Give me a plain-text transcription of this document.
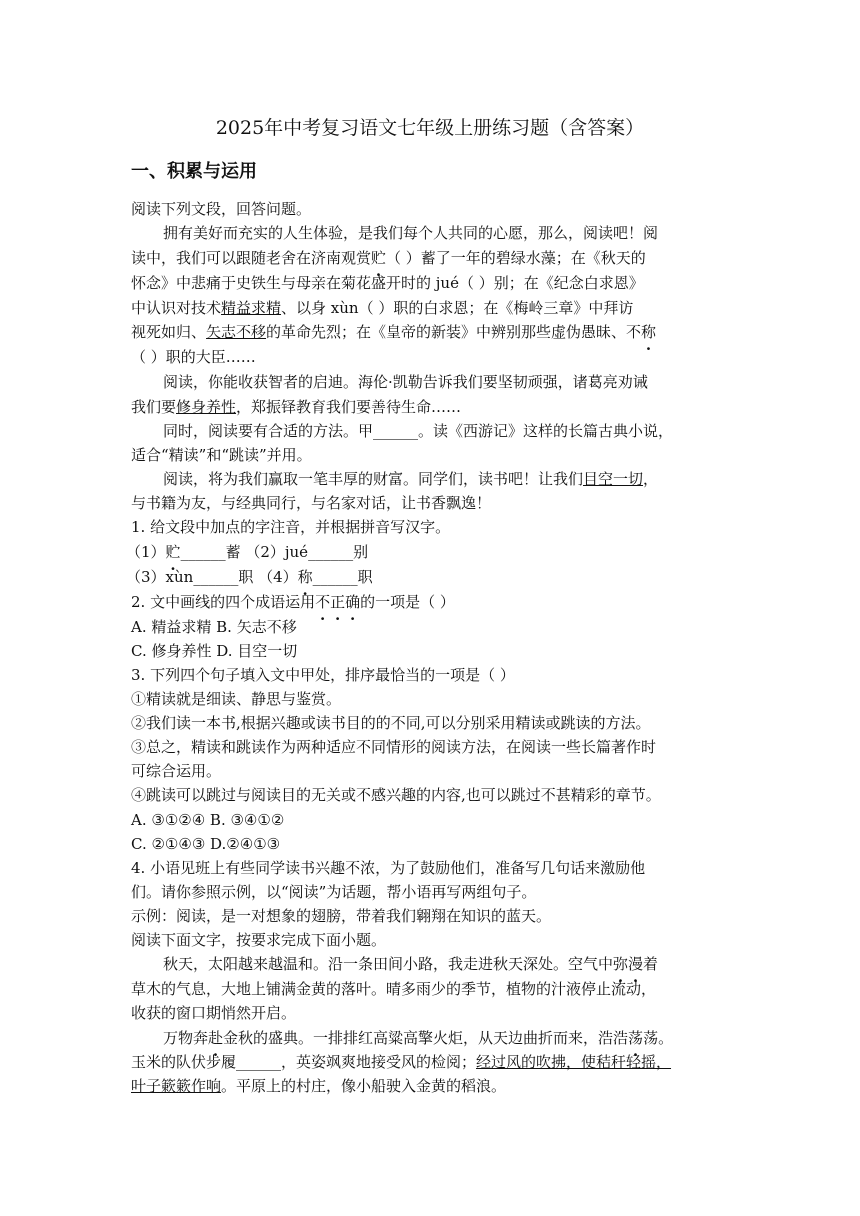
2025年中考复习语文七年级上册练习题（含答案）
一、积累与运用
阅读下列文段，回答问题。
拥有美好而充实的人生体验，是我们每个人共同的心愿，那么，阅读吧！阅
读中，我们可以跟随老舍在济南观赏贮（ ）蓄了一年的碧绿水藻；在《秋天的
怀念》中悲痛于史铁生与母亲在菊花盛开时的 jué（ ）别；在《纪念白求恩》
中认识对技术精益求精、以身 xùn（ ）职的白求恩；在《梅岭三章》中拜访
视死如归、矢志不移的革命先烈；在《皇帝的新装》中辨别那些虚伪愚昧、不称
（ ）职的大臣……
阅读，你能收获智者的启迪。海伦·凯勒告诉我们要坚韧顽强，诸葛亮劝诫
我们要修身养性，郑振铎教育我们要善待生命……
同时，阅读要有合适的方法。甲______。读《西游记》这样的长篇古典小说，
适合“精读”和“跳读”并用。
阅读，将为我们赢取一笔丰厚的财富。同学们，读书吧！让我们目空一切，
与书籍为友，与经典同行，与名家对话，让书香飘逸！
1. 给文段中加点的字注音，并根据拼音写汉字。
（1）贮______蓄 （2）jué______别
（3）xùn______职 （4）称______职
2. 文中画线的四个成语运用不正确的一项是（ ）
A. 精益求精 B. 矢志不移
C. 修身养性 D. 目空一切
3. 下列四个句子填入文中甲处，排序最恰当的一项是（ ）
①精读就是细读、静思与鉴赏。
②我们读一本书,根据兴趣或读书目的的不同,可以分别采用精读或跳读的方法。
③总之，精读和跳读作为两种适应不同情形的阅读方法，在阅读一些长篇著作时
可综合运用。
④跳读可以跳过与阅读目的无关或不感兴趣的内容,也可以跳过不甚精彩的章节。
A. ③①②④ B. ③④①②
C. ②①④③ D.②④①③
4. 小语见班上有些同学读书兴趣不浓，为了鼓励他们，准备写几句话来激励他
们。请你参照示例，以“阅读”为话题，帮小语再写两组句子。
示例：阅读，是一对想象的翅膀，带着我们翱翔在知识的蓝天。
阅读下面文字，按要求完成下面小题。
秋天，太阳越来越温和。沿一条田间小路，我走进秋天深处。空气中弥漫着
草木的气息，大地上铺满金黄的落叶。晴多雨少的季节，植物的汁液停止流动，
收获的窗口期悄然开启。
万物奔赴金秋的盛典。一排排红高粱高擎火炬，从天边曲折而来，浩浩荡荡。
玉米的队伏步履______，英姿飒爽地接受风的检阅；经过风的吹拂，使秸秆轻摇，
叶子簌簌作响。平原上的村庄，像小船驶入金黄的稻浪。
